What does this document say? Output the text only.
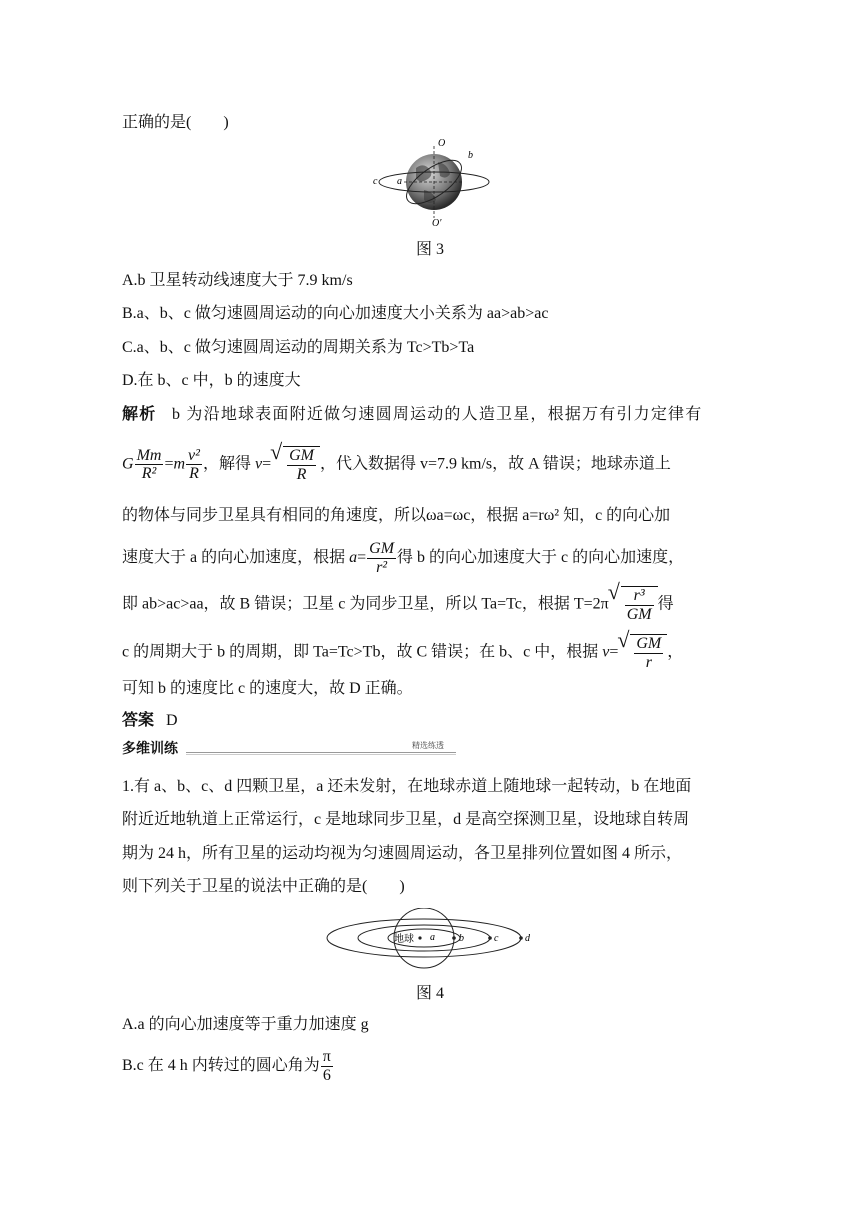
正确的是(　　)
O
O′
a
b
c
图 3
A.b 卫星转动线速度大于 7.9 km/s
B.a、b、c 做匀速圆周运动的向心加速度大小关系为 aa>ab>ac
C.a、b、c 做匀速圆周运动的周期关系为 Tc>Tb>Ta
D.在 b、c 中，b 的速度大
解析 b 为沿地球表面附近做匀速圆周运动的人造卫星，根据万有引力定律有
G $\frac{Mm}{\text{R²}} =m \frac{\text{v²}}{R}$ ，解得 v= √ $\frac{GM}{R}$ ，代入数据得 v=7.9 km/s，故 A 错误；地球赤道上
的物体与同步卫星具有相同的角速度，所以ωa=ωc，根据 a=rω² 知，c 的向心加
速度大于 a 的向心加速度，根据 $a= \frac{GM}{\text{r²}}$ 得 b 的向心加速度大于 c 的向心加速度，
即 ab>ac>aa，故 B 错误；卫星 c 为同步卫星，所以 Ta=Tc，根据 T=2π √ $\frac{\text{r³}}{GM}$ 得
c 的周期大于 b 的周期，即 Ta=Tc>Tb，故 C 错误；在 b、c 中，根据 v= √ $\frac{GM}{r}$ ，
可知 b 的速度比 c 的速度大，故 D 正确。
答案 D
多维训练	精选练透
1.有 a、b、c、d 四颗卫星，a 还未发射，在地球赤道上随地球一起转动，b 在地面
附近近地轨道上正常运行，c 是地球同步卫星，d 是高空探测卫星，设地球自转周
期为 24 h，所有卫星的运动均视为匀速圆周运动，各卫星排列位置如图 4 所示，
则下列关于卫星的说法中正确的是(　　)
地球 a b	c	d
图 4
A.a 的向心加速度等于重力加速度 g
B.c 在 4 h 内转过的圆心角为 $\frac{\pi}{6}$
